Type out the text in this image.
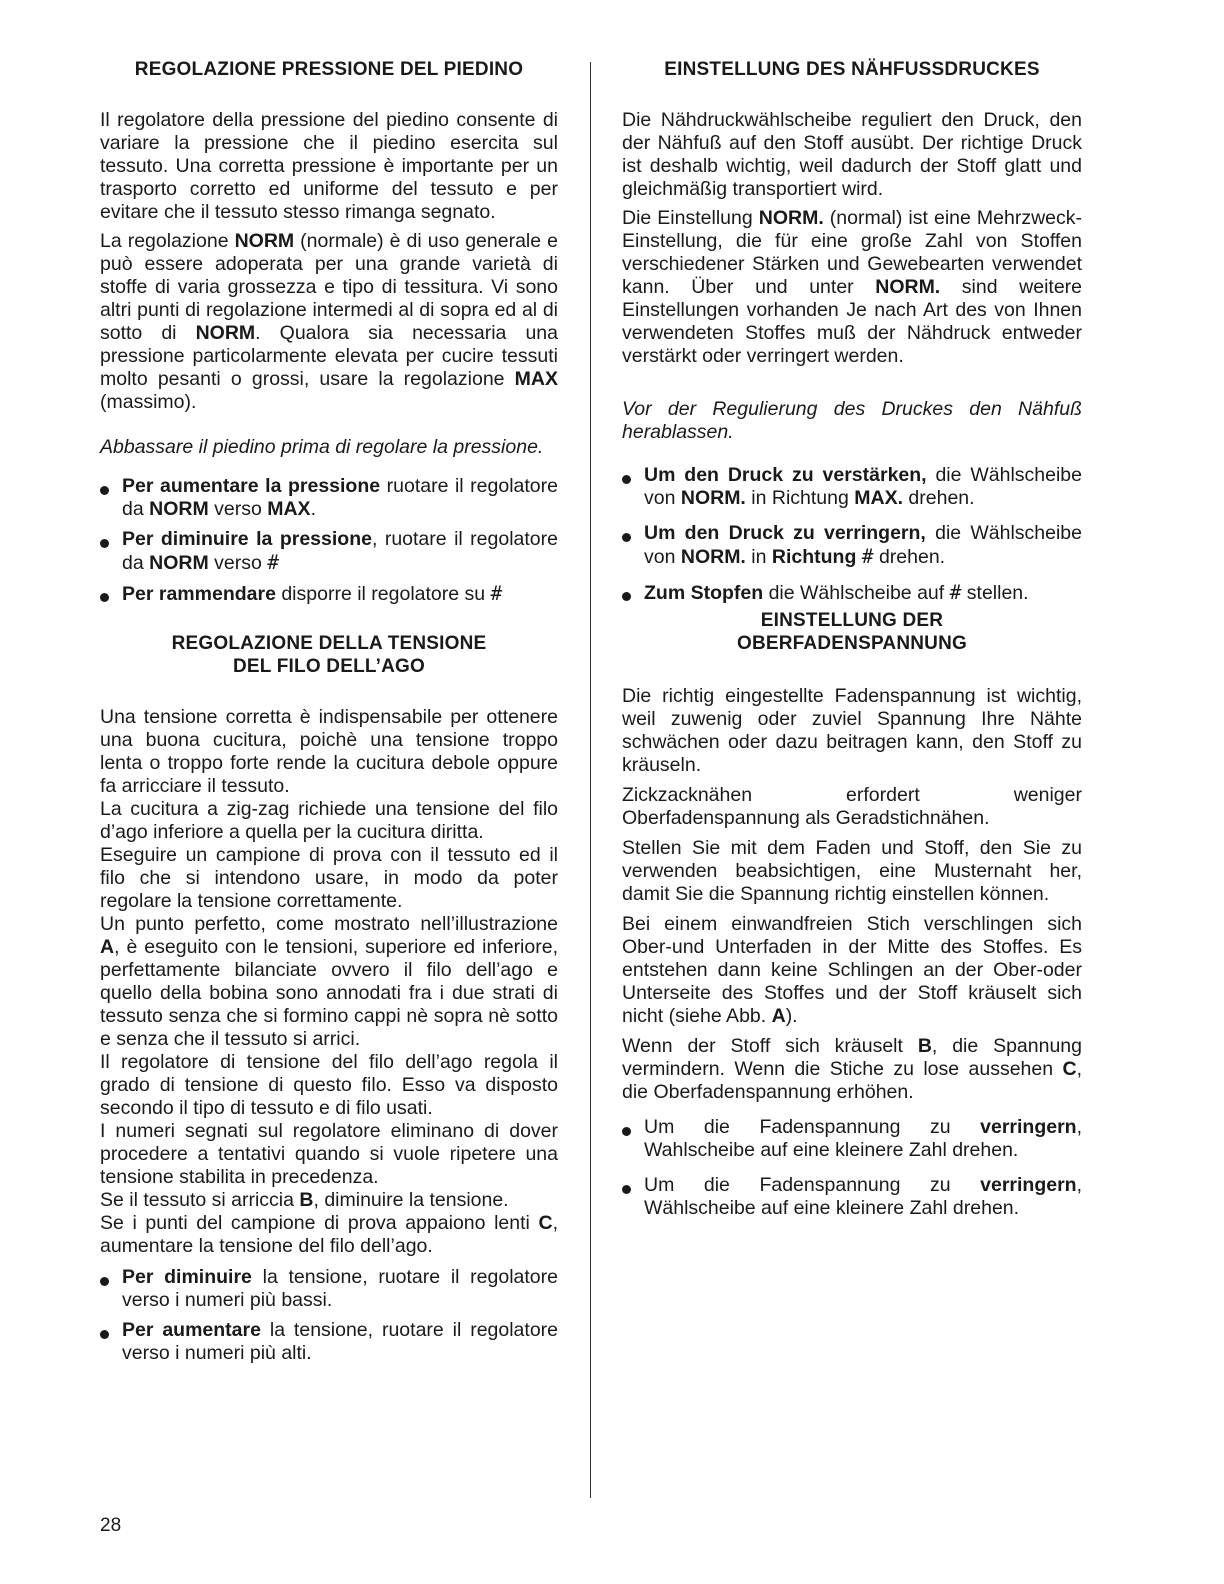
REGOLAZIONE PRESSIONE DEL PIEDINO

Il regolatore della pressione del piedino consente di variare la pressione che il piedino esercita sul tessuto. Una corretta pressione è importante per un trasporto corretto ed uniforme del tessuto e per evitare che il tessuto stesso rimanga segnato.

La regolazione NORM (normale) è di uso generale e può essere adoperata per una grande varietà di stoffe di varia grossezza e tipo di tessitura. Vi sono altri punti di regolazione intermedi al di sopra ed al di sotto di NORM. Qualora sia necessaria una pressione particolarmente elevata per cucire tessuti molto pesanti o grossi, usare la regolazione MAX (massimo).

Abbassare il piedino prima di regolare la pressione.

Per aumentare la pressione ruotare il regolatore da NORM verso MAX.
Per diminuire la pressione, ruotare il regolatore da NORM verso #
Per rammendare disporre il regolatore su #
REGOLAZIONE DELLA TENSIONE
DEL FILO DELL’AGO

Una tensione corretta è indispensabile per ottenere una buona cucitura, poichè una tensione troppo lenta o troppo forte rende la cucitura debole oppure fa arricciare il tessuto.

La cucitura a zig-zag richiede una tensione del filo d’ago inferiore a quella per la cucitura diritta.

Eseguire un campione di prova con il tessuto ed il filo che si intendono usare, in modo da poter regolare la tensione correttamente.

Un punto perfetto, come mostrato nell’illustrazione A, è eseguito con le tensioni, superiore ed inferiore, perfettamente bilanciate ovvero il filo dell’ago e quello della bobina sono annodati fra i due strati di tessuto senza che si formino cappi nè sopra nè sotto e senza che il tessuto si arrici.

Il regolatore di tensione del filo dell’ago regola il grado di tensione di questo filo. Esso va disposto secondo il tipo di tessuto e di filo usati.

I numeri segnati sul regolatore eliminano di dover procedere a tentativi quando si vuole ripetere una tensione stabilita in precedenza.

Se il tessuto si arriccia B, diminuire la tensione.

Se i punti del campione di prova appaiono lenti C, aumentare la tensione del filo dell’ago.

Per diminuire la tensione, ruotare il regolatore verso i numeri più bassi.
Per aumentare la tensione, ruotare il regolatore verso i numeri più alti.
EINSTELLUNG DES NÄHFUSSDRUCKES

Die Nähdruckwählscheibe reguliert den Druck, den der Nähfuß auf den Stoff ausübt. Der richtige Druck ist deshalb wichtig, weil dadurch der Stoff glatt und gleichmäßig transportiert wird.

Die Einstellung NORM. (normal) ist eine Mehrzweck-Einstellung, die für eine große Zahl von Stoffen verschiedener Stärken und Gewebearten verwendet kann. Über und unter NORM. sind weitere Einstellungen vorhanden Je nach Art des von Ihnen verwendeten Stoffes muß der Nähdruck entweder verstärkt oder verringert werden.

Vor der Regulierung des Druckes den Nähfuß herablassen.

Um den Druck zu verstärken, die Wählscheibe von NORM. in Richtung MAX. drehen.
Um den Druck zu verringern, die Wählscheibe von NORM. in Richtung # drehen.
Zum Stopfen die Wählscheibe auf # stellen.
EINSTELLUNG DER
OBERFADENSPANNUNG

Die richtig eingestellte Fadenspannung ist wichtig, weil zuwenig oder zuviel Spannung Ihre Nähte schwächen oder dazu beitragen kann, den Stoff zu kräuseln.

Zickzacknähen erfordert weniger Oberfadenspannung als Geradstichnähen.

Stellen Sie mit dem Faden und Stoff, den Sie zu verwenden beabsichtigen, eine Musternaht her, damit Sie die Spannung richtig einstellen können.

Bei einem einwandfreien Stich verschlingen sich Ober-und Unterfaden in der Mitte des Stoffes. Es entstehen dann keine Schlingen an der Ober-oder Unterseite des Stoffes und der Stoff kräuselt sich nicht (siehe Abb. A).

Wenn der Stoff sich kräuselt B, die Spannung vermindern. Wenn die Stiche zu lose aussehen C, die Oberfadenspannung erhöhen.

Um die Fadenspannung zu verringern, Wahlscheibe auf eine kleinere Zahl drehen.
Um die Fadenspannung zu verringern, Wählscheibe auf eine kleinere Zahl drehen.
28
